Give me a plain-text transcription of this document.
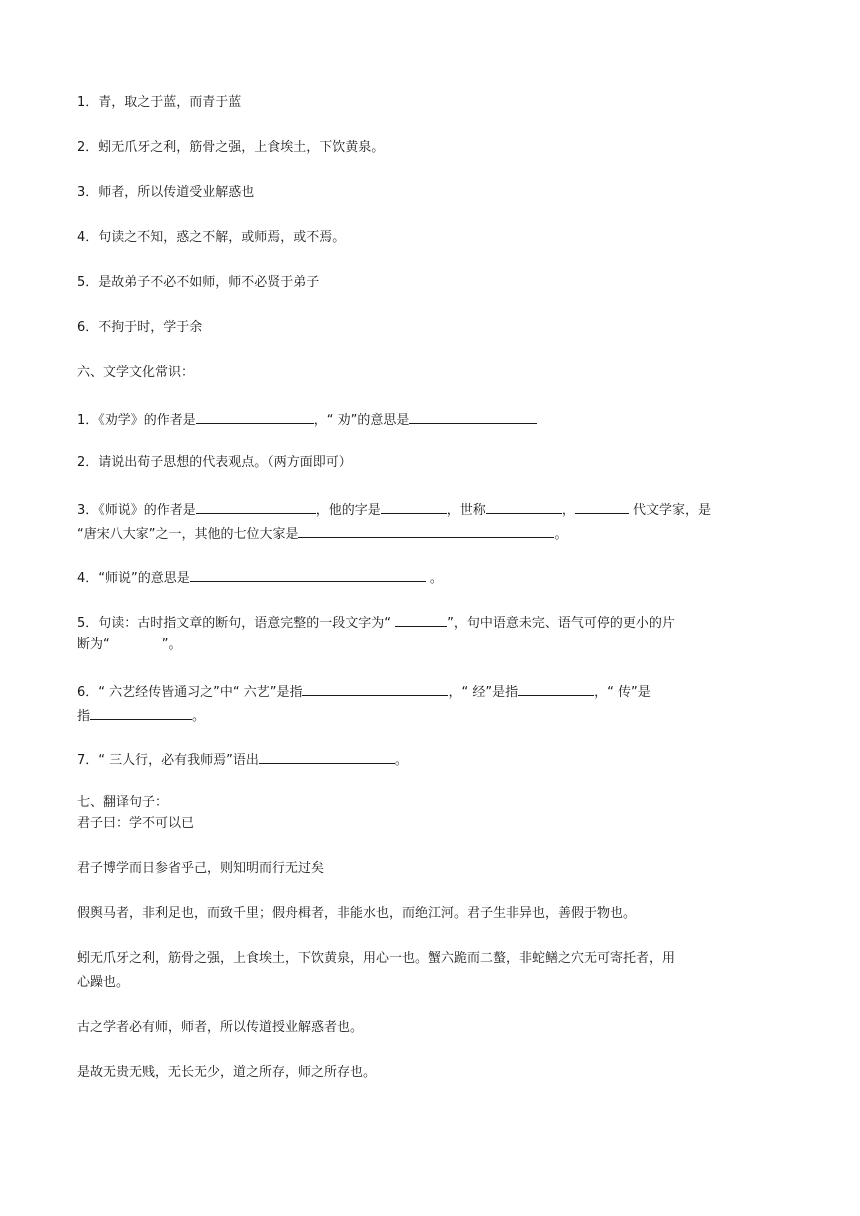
1．青，取之于蓝，而青于蓝
2．蚓无爪牙之利，筋骨之强，上食埃土，下饮黄泉。
3．师者，所以传道受业解惑也
4．句读之不知，惑之不解，或师焉，或不焉。
5．是故弟子不必不如师，师不必贤于弟子
6．不拘于时，学于余
六、文学文化常识：
1．《劝学》的作者是	，“ 劝”的意思是
2．请说出荀子思想的代表观点。（两方面即可）
3．《师说》的作者是	，他的字是	，世称	，	代文学家，是
“唐宋八大家”之一，其他的七位大家是	。
4．“师说”的意思是	。
5．句读：古时指文章的断句，语意完整的一段文字为“	”，句中语意未完、语气可停的更小的片
断为“	”。
6．“ 六艺经传皆通习之”中“ 六艺”是指	，“ 经”是指	，“ 传”是
指	。
7．“ 三人行，必有我师焉”语出	。
七、翻译句子：
君子曰：学不可以已
君子博学而日参省乎己，则知明而行无过矣
假舆马者，非利足也，而致千里；假舟楫者，非能水也，而绝江河。君子生非异也，善假于物也。
蚓无爪牙之利，筋骨之强，上食埃土，下饮黄泉，用心一也。蟹六跪而二螯，非蛇鳝之穴无可寄托者，用
心躁也。
古之学者必有师，师者，所以传道授业解惑者也。
是故无贵无贱，无长无少，道之所存，师之所存也。
